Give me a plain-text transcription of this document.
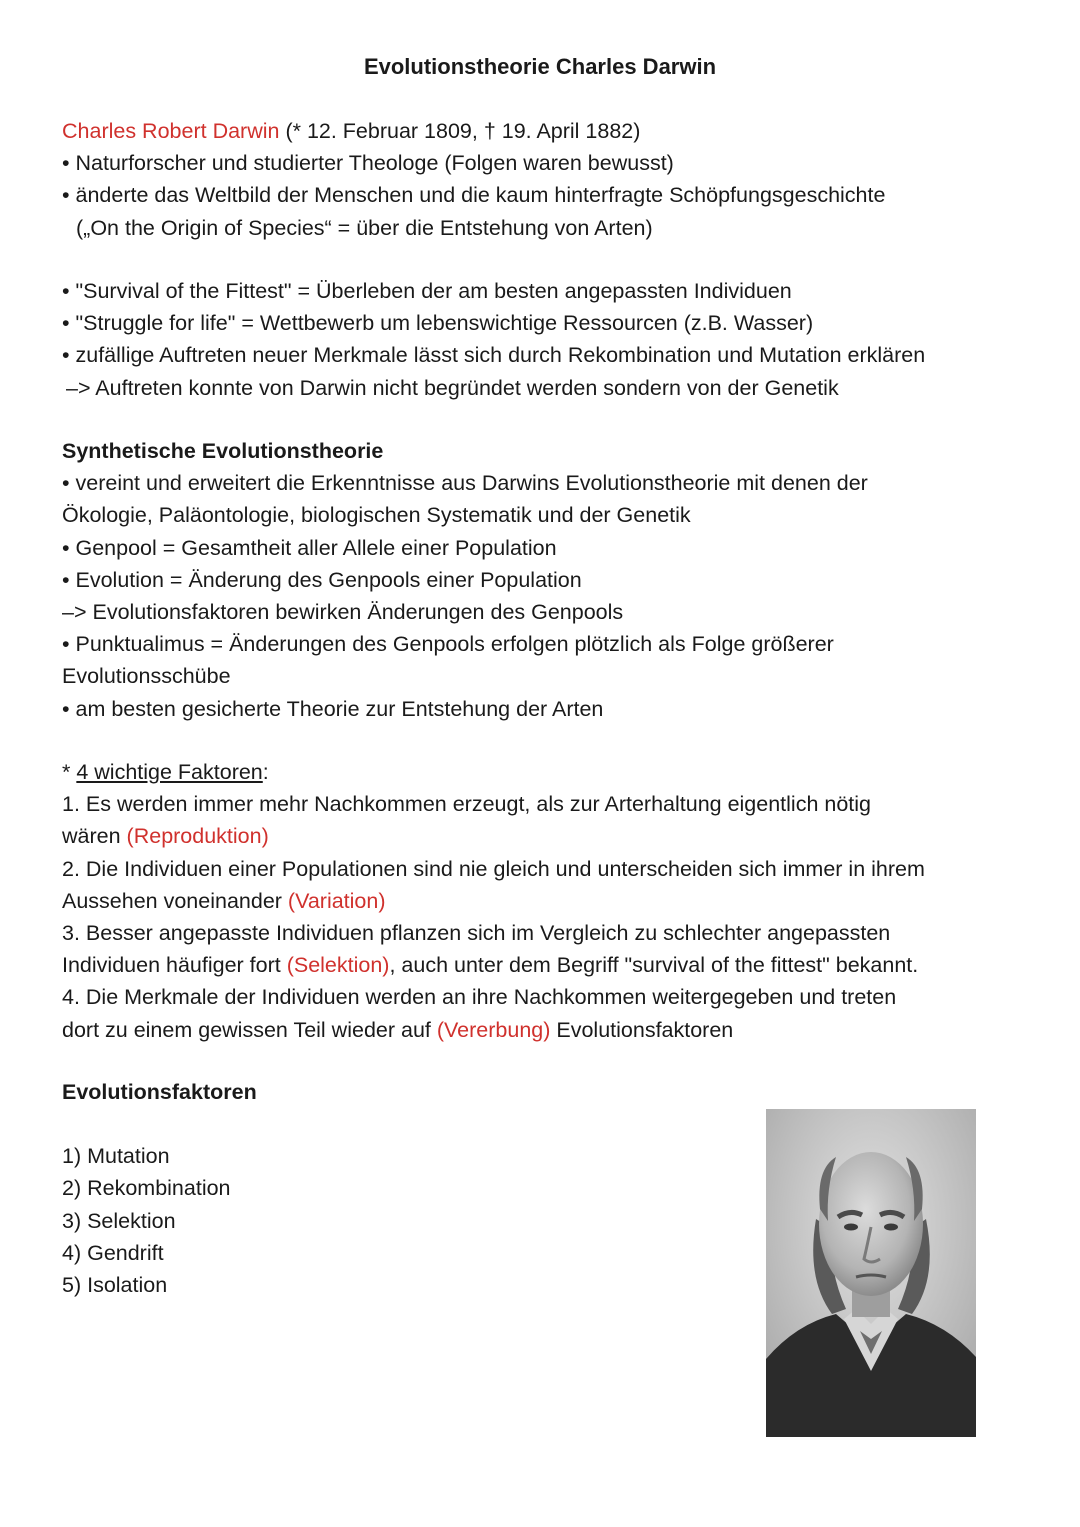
Evolutionstheorie Charles Darwin
Charles Robert Darwin (* 12. Februar 1809, † 19. April 1882)
• Naturforscher und studierter Theologe (Folgen waren bewusst)
• änderte das Weltbild der Menschen und die kaum hinterfragte Schöpfungsgeschichte
(„On the Origin of Species“ = über die Entstehung von Arten)
• "Survival of the Fittest" = Überleben der am besten angepassten Individuen
• "Struggle for life" = Wettbewerb um lebenswichtige Ressourcen (z.B. Wasser)
• zufällige Auftreten neuer Merkmale lässt sich durch Rekombination und Mutation erklären
–> Auftreten konnte von Darwin nicht begründet werden sondern von der Genetik
Synthetische Evolutionstheorie
• vereint und erweitert die Erkenntnisse aus Darwins Evolutionstheorie mit denen der
Ökologie, Paläontologie, biologischen Systematik und der Genetik
• Genpool = Gesamtheit aller Allele einer Population
• Evolution = Änderung des Genpools einer Population
–> Evolutionsfaktoren bewirken Änderungen des Genpools
• Punktualimus = Änderungen des Genpools erfolgen plötzlich als Folge größerer
Evolutionsschübe
• am besten gesicherte Theorie zur Entstehung der Arten
* 4 wichtige Faktoren:
1. Es werden immer mehr Nachkommen erzeugt, als zur Arterhaltung eigentlich nötig
wären (Reproduktion)
2. Die Individuen einer Populationen sind nie gleich und unterscheiden sich immer in ihrem
Aussehen voneinander (Variation)
3. Besser angepasste Individuen pflanzen sich im Vergleich zu schlechter angepassten
Individuen häufiger fort (Selektion), auch unter dem Begriff "survival of the fittest" bekannt.
4. Die Merkmale der Individuen werden an ihre Nachkommen weitergegeben und treten
dort zu einem gewissen Teil wieder auf (Vererbung) Evolutionsfaktoren
Evolutionsfaktoren
1) Mutation
2) Rekombination
3) Selektion
4) Gendrift
5) Isolation
